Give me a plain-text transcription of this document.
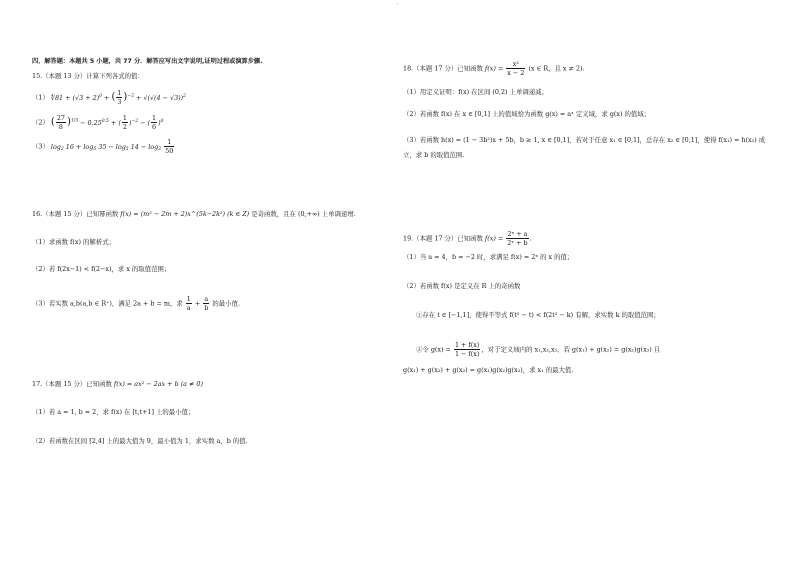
四、解答题：本题共 5 小题，共 77 分．解答应写出文字说明,证明过程或演算步骤.
15.（本题 13 分）计算下列各式的值：
（1） ∜81 + $(√3 + 2)^0$ + ( $\frac{1}{3} )^{-2} + √(√(4 - √3))^2$
（2） ( $\frac{27}{8} )^{1/3} - 0.25^{0.5}$ + ( $\frac{1}{2} )^{-2}$ − ( $\frac{1}{6} )^0$
（3） $\log_2 16 + \log_5 35 - \log_5 14 - \log_2 \frac{1}{50}$
16.（本题 15 分）已知幂函数 f(x) = (m² − 2m + 2)x^(5k−2k²) (k ∈ Z) 是奇函数，且在 (0,+∞) 上单调递增.
（1）求函数 f(x) 的解析式；
（2）若 f(2x−1) < f(2−x)，求 x 的取值范围；
（3）若实数 a,b(a,b ∈ R⁺)，满足 2a + b = m，求 $\frac{1}{a} + \frac{a}{b}$ 的最小值.
17.（本题 15 分）已知函数 f(x) = ax² − 2ax + b (a ≠ 0)
（1）若 a = 1, b = 2，求 f(x) 在 [t,t+1] 上的最小值；
（2）若函数在区间 [2,4] 上的最大值为 9，最小值为 1，求实数 a、b 的值.
18.（本题 17 分）已知函数 $f(x) = \frac{\text{x²}}{x - 2} (x$ ∈ R，且 x ≠ 2).
（1）用定义证明：f(x) 在区间 (0,2) 上单调递减；
（2）若函数 f(x) 在 x ∈ [0,1] 上的值域恰为函数 g(x) = aˣ 定义域，求 g(x) 的值域；
（3）若函数 h(x) = (1 − 3b²)x + 5b，b ≥ 1, x ∈ [0,1]，若对于任意 x₁ ∈ [0,1]，总存在 x₂ ∈ [0,1]，使得 f(x₁) = h(x₂) 成
立，求 b 的取值范围.
19.（本题 17 分）已知函数 $f(x) = \frac{\text{2ˣ + a}}{\text{2ˣ + b}}$ .
（1）当 a = 4，b = −2 时，求满足 f(x) = 2ˣ 的 x 的值；
（2）若函数 f(x) 是定义在 R 上的奇函数
①存在 t ∈ [−1,1]，使得不等式 f(t² − t) < f(2t² − k) 有解，求实数 k 的取值范围；
②令 $g(x) = \frac{1 + f(x)}{1 - f(x)}$ ，对于定义域内的 x₁,x₂,x₃，若 g(x₁) + g(x₂) = g(x₂)g(x₃) 且
g(x₁) + g(x₂) + g(x₃) = g(x₁)g(x₂)g(x₃)，求 x₁ 的最大值.
